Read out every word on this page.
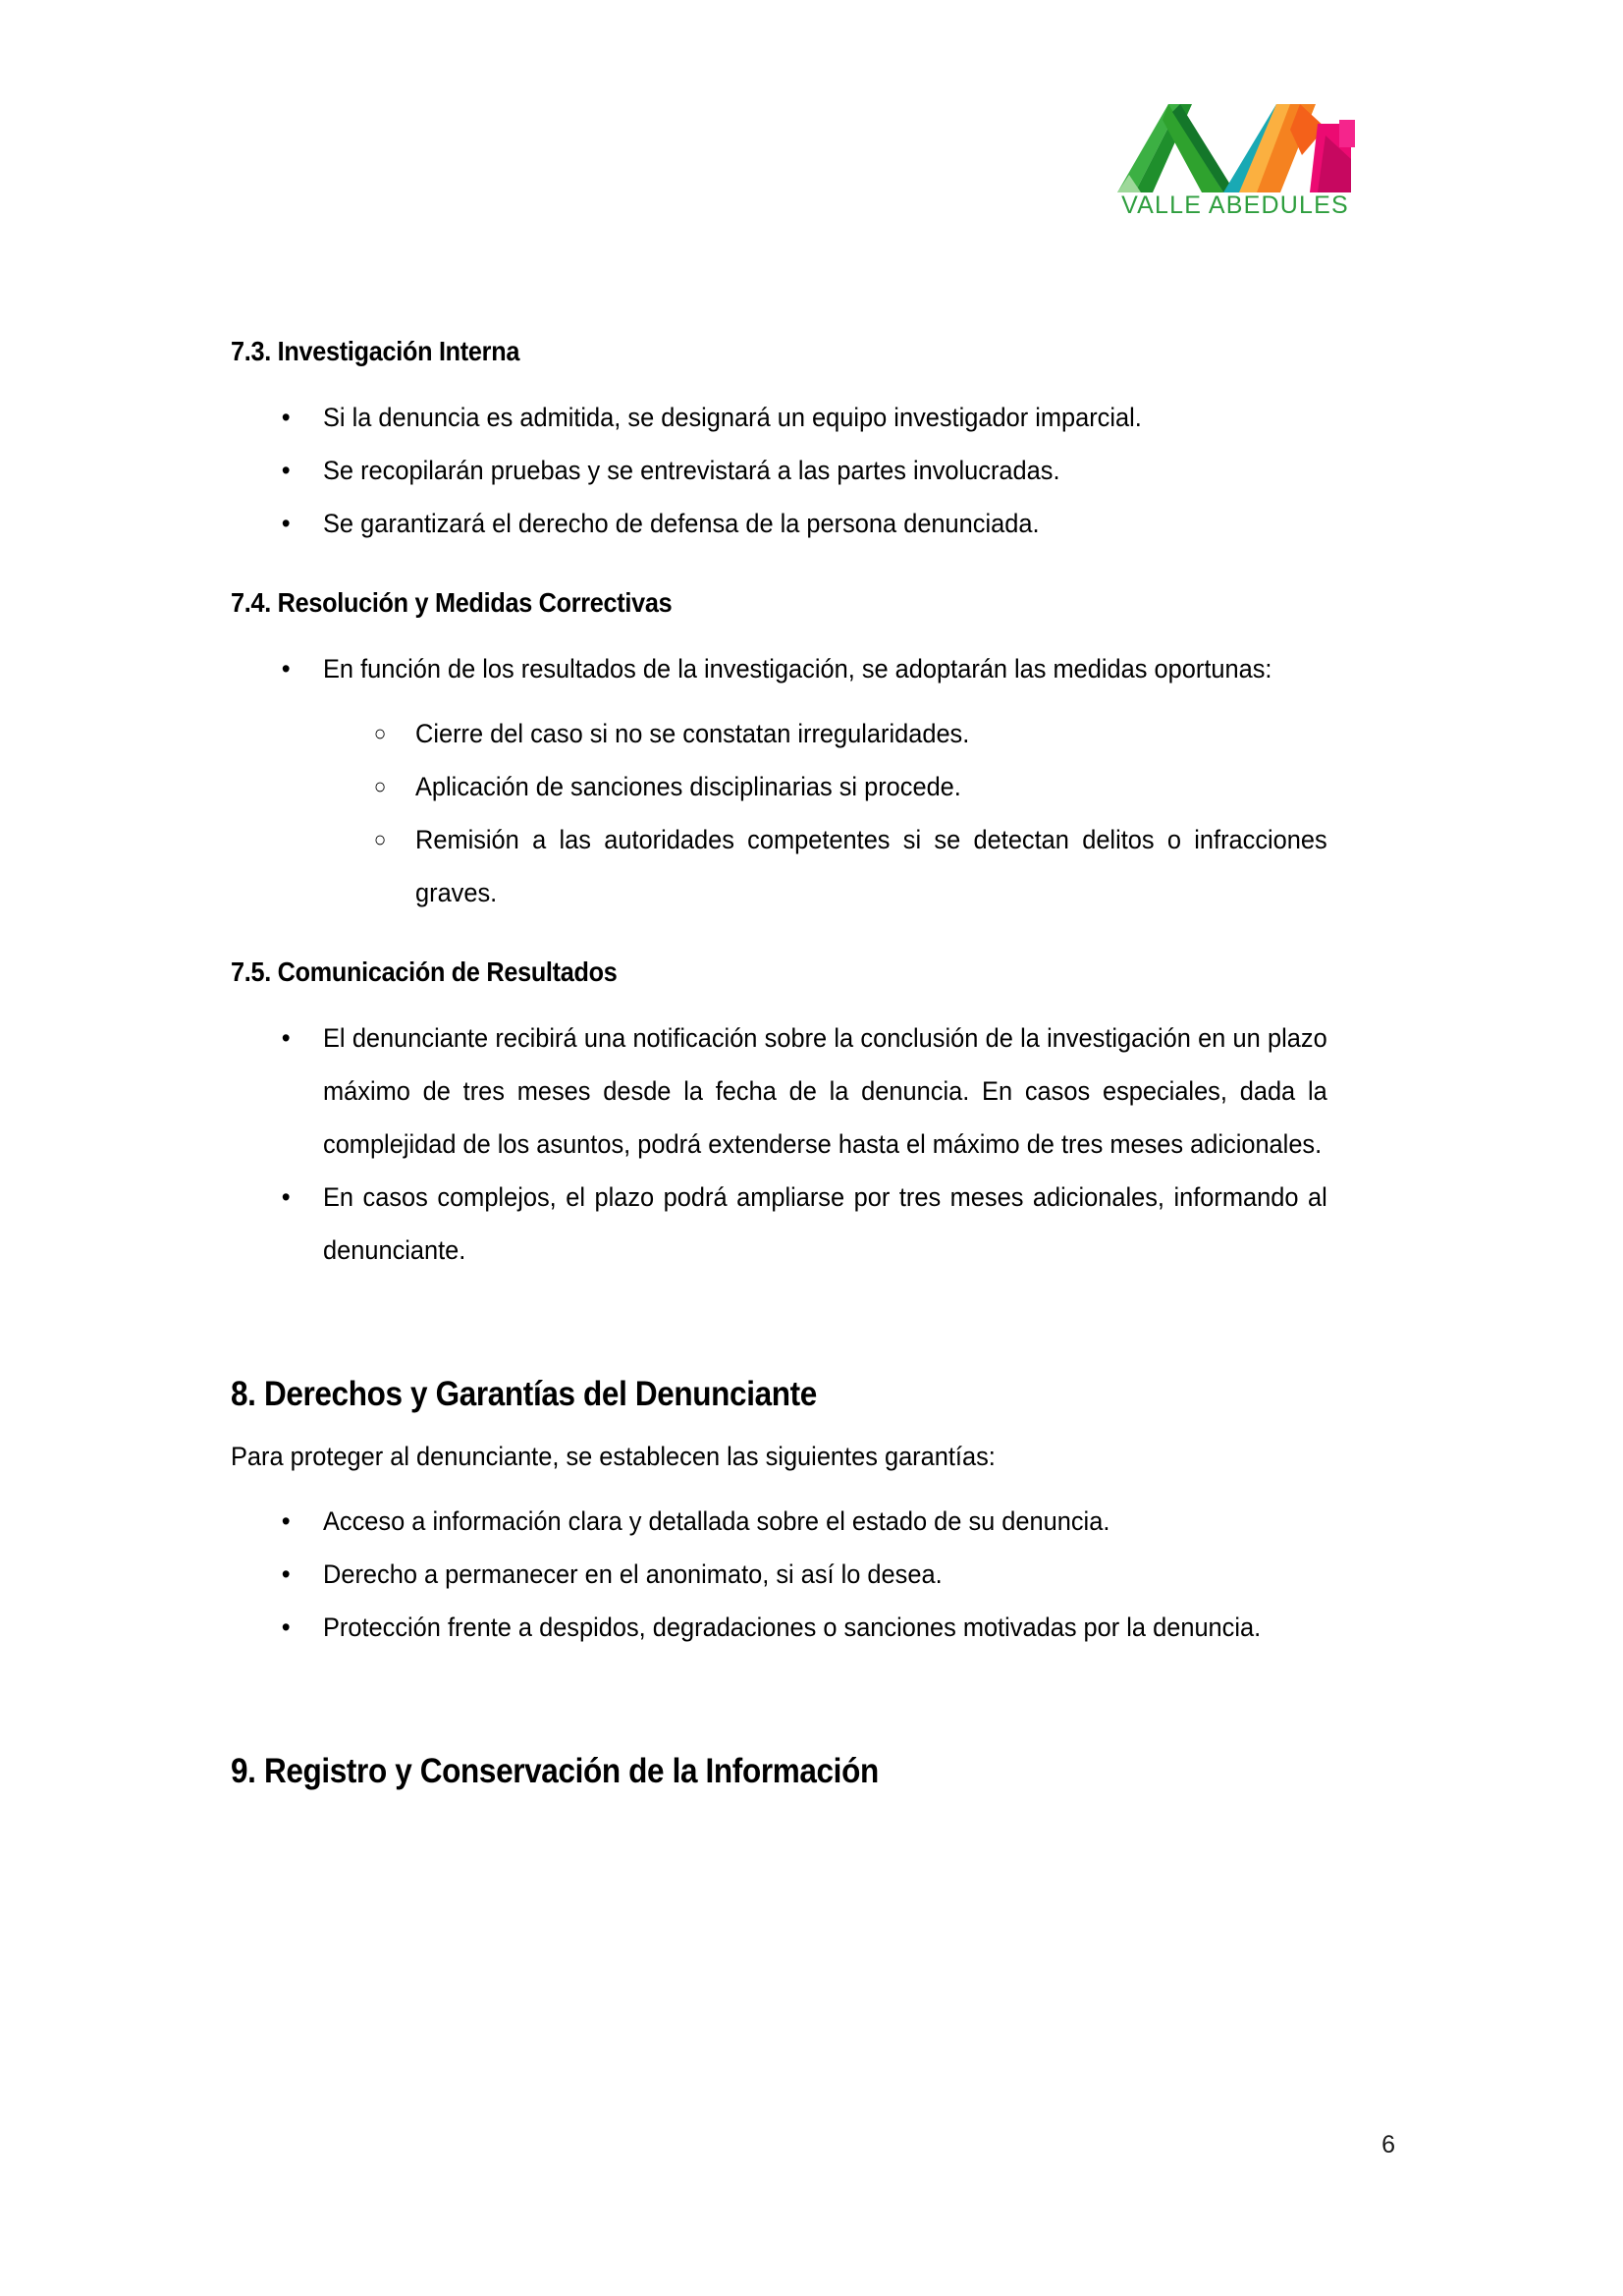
VALLE ABEDULES
7.3. Investigación Interna
• Si la denuncia es admitida, se designará un equipo investigador imparcial.
• Se recopilarán pruebas y se entrevistará a las partes involucradas.
• Se garantizará el derecho de defensa de la persona denunciada.
7.4. Resolución y Medidas Correctivas
• En función de los resultados de la investigación, se adoptarán las medidas oportunas:
○ Cierre del caso si no se constatan irregularidades.
○ Aplicación de sanciones disciplinarias si procede.
○ Remisión a las autoridades competentes si se detectan delitos o infracciones graves.
7.5. Comunicación de Resultados
• El denunciante recibirá una notificación sobre la conclusión de la investigación en un plazo máximo de tres meses desde la fecha de la denuncia. En casos especiales, dada la complejidad de los asuntos, podrá extenderse hasta el máximo de tres meses adicionales.
• En casos complejos, el plazo podrá ampliarse por tres meses adicionales, informando al denunciante.
8. Derechos y Garantías del Denunciante

Para proteger al denunciante, se establecen las siguientes garantías:

• Acceso a información clara y detallada sobre el estado de su denuncia.
• Derecho a permanecer en el anonimato, si así lo desea.
• Protección frente a despidos, degradaciones o sanciones motivadas por la denuncia.
9. Registro y Conservación de la Información
6
